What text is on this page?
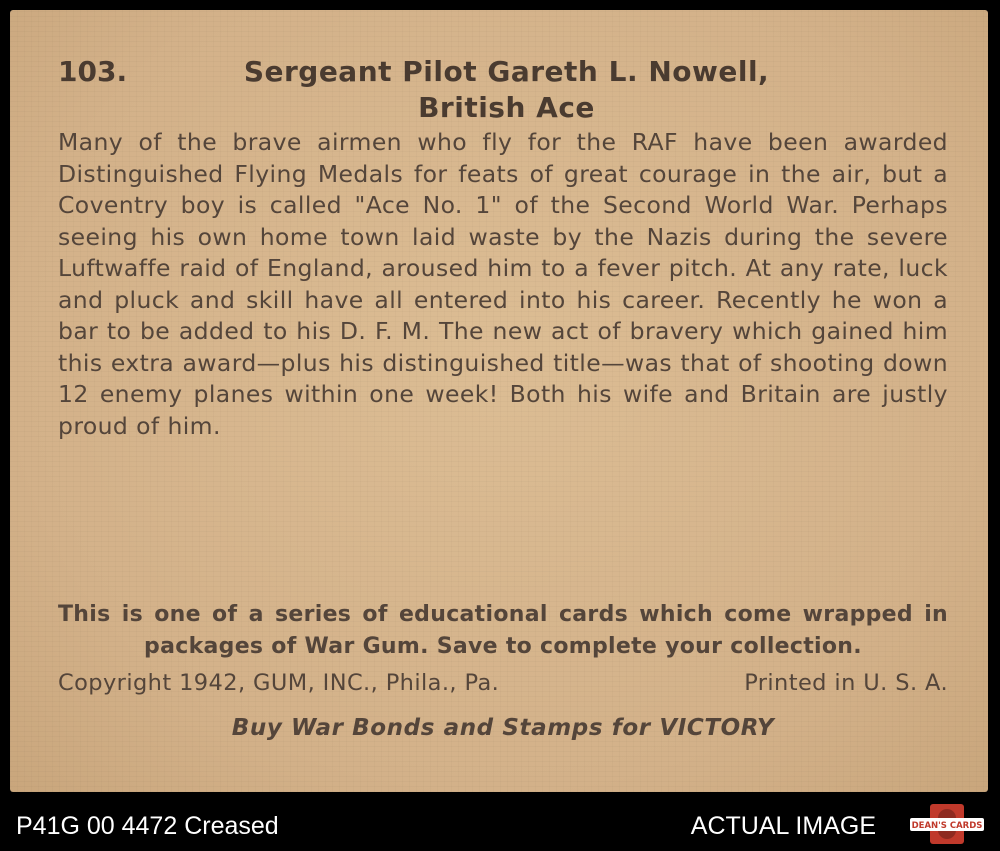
103.	Sergeant Pilot Gareth L. Nowell,
British Ace
Many of the brave airmen who fly for the RAF have been awarded Distinguished Flying Medals for feats of great courage in the air, but a Coventry boy is called "Ace No. 1" of the Second World War. Perhaps seeing his own home town laid waste by the Nazis during the severe Luftwaffe raid of England, aroused him to a fever pitch. At any rate, luck and pluck and skill have all entered into his career. Recently he won a bar to be added to his D. F. M. The new act of bravery which gained him this extra award—plus his distinguished title—was that of shooting down 12 enemy planes within one week! Both his wife and Britain are justly proud of him.
This is one of a series of educational cards which come wrapped in packages of War Gum. Save to complete your collection.
Copyright 1942, GUM, INC., Phila., Pa.	Printed in U. S. A.
Buy War Bonds and Stamps for VICTORY
P41G 00 4472 Creased	ACTUAL IMAGE	DEAN'S CARDS
